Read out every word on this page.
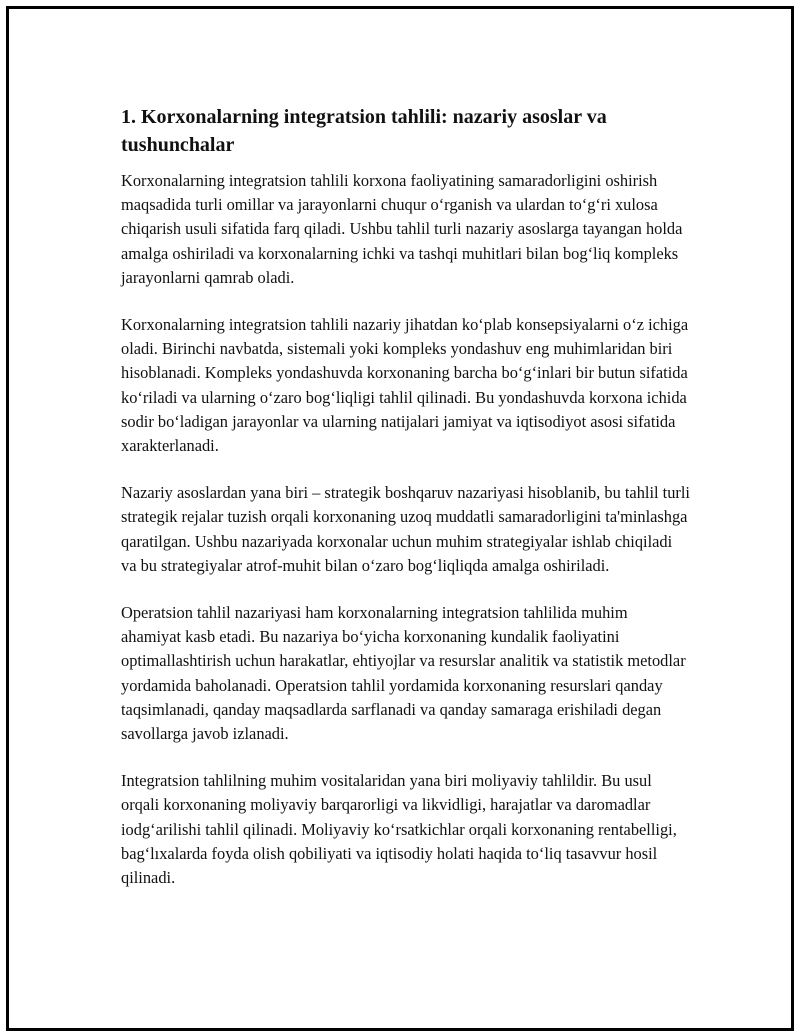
1. Korxonalarning integratsion tahlili: nazariy asoslar va tushunchalar

Korxonalarning integratsion tahlili korxona faoliyatining samaradorligini oshirish maqsadida turli omillar va jarayonlarni chuqur oʻrganish va ulardan toʻgʻri xulosa chiqarish usuli sifatida farq qiladi. Ushbu tahlil turli nazariy asoslarga tayangan holda amalga oshiriladi va korxonalarning ichki va tashqi muhitlari bilan bogʻliq kompleks jarayonlarni qamrab oladi.

Korxonalarning integratsion tahlili nazariy jihatdan koʻplab konsepsiyalarni oʻz ichiga oladi. Birinchi navbatda, sistemali yoki kompleks yondashuv eng muhimlaridan biri hisoblanadi. Kompleks yondashuvda korxonaning barcha boʻgʻinlari bir butun sifatida koʻriladi va ularning oʻzaro bogʻliqligi tahlil qilinadi. Bu yondashuvda korxona ichida sodir boʻladigan jarayonlar va ularning natijalari jamiyat va iqtisodiyot asosi sifatida xarakterlanadi.

Nazariy asoslardan yana biri – strategik boshqaruv nazariyasi hisoblanib, bu tahlil turli strategik rejalar tuzish orqali korxonaning uzoq muddatli samaradorligini ta'minlashga qaratilgan. Ushbu nazariyada korxonalar uchun muhim strategiyalar ishlab chiqiladi va bu strategiyalar atrof-muhit bilan oʻzaro bogʻliqliqda amalga oshiriladi.

Operatsion tahlil nazariyasi ham korxonalarning integratsion tahlilida muhim ahamiyat kasb etadi. Bu nazariya boʻyicha korxonaning kundalik faoliyatini optimallashtirish uchun harakatlar, ehtiyojlar va resurslar analitik va statistik metodlar yordamida baholanadi. Operatsion tahlil yordamida korxonaning resurslari qanday taqsimlanadi, qanday maqsadlarda sarflanadi va qanday samaraga erishiladi degan savollarga javob izlanadi.

Integratsion tahlilning muhim vositalaridan yana biri moliyaviy tahlildir. Bu usul orqali korxonaning moliyaviy barqarorligi va likvidligi, harajatlar va daromadlar iodgʻarilishi tahlil qilinadi. Moliyaviy koʻrsatkichlar orqali korxonaning rentabelligi, bagʻlıxalarda foyda olish qobiliyati va iqtisodiy holati haqida toʻliq tasavvur hosil qilinadi.
